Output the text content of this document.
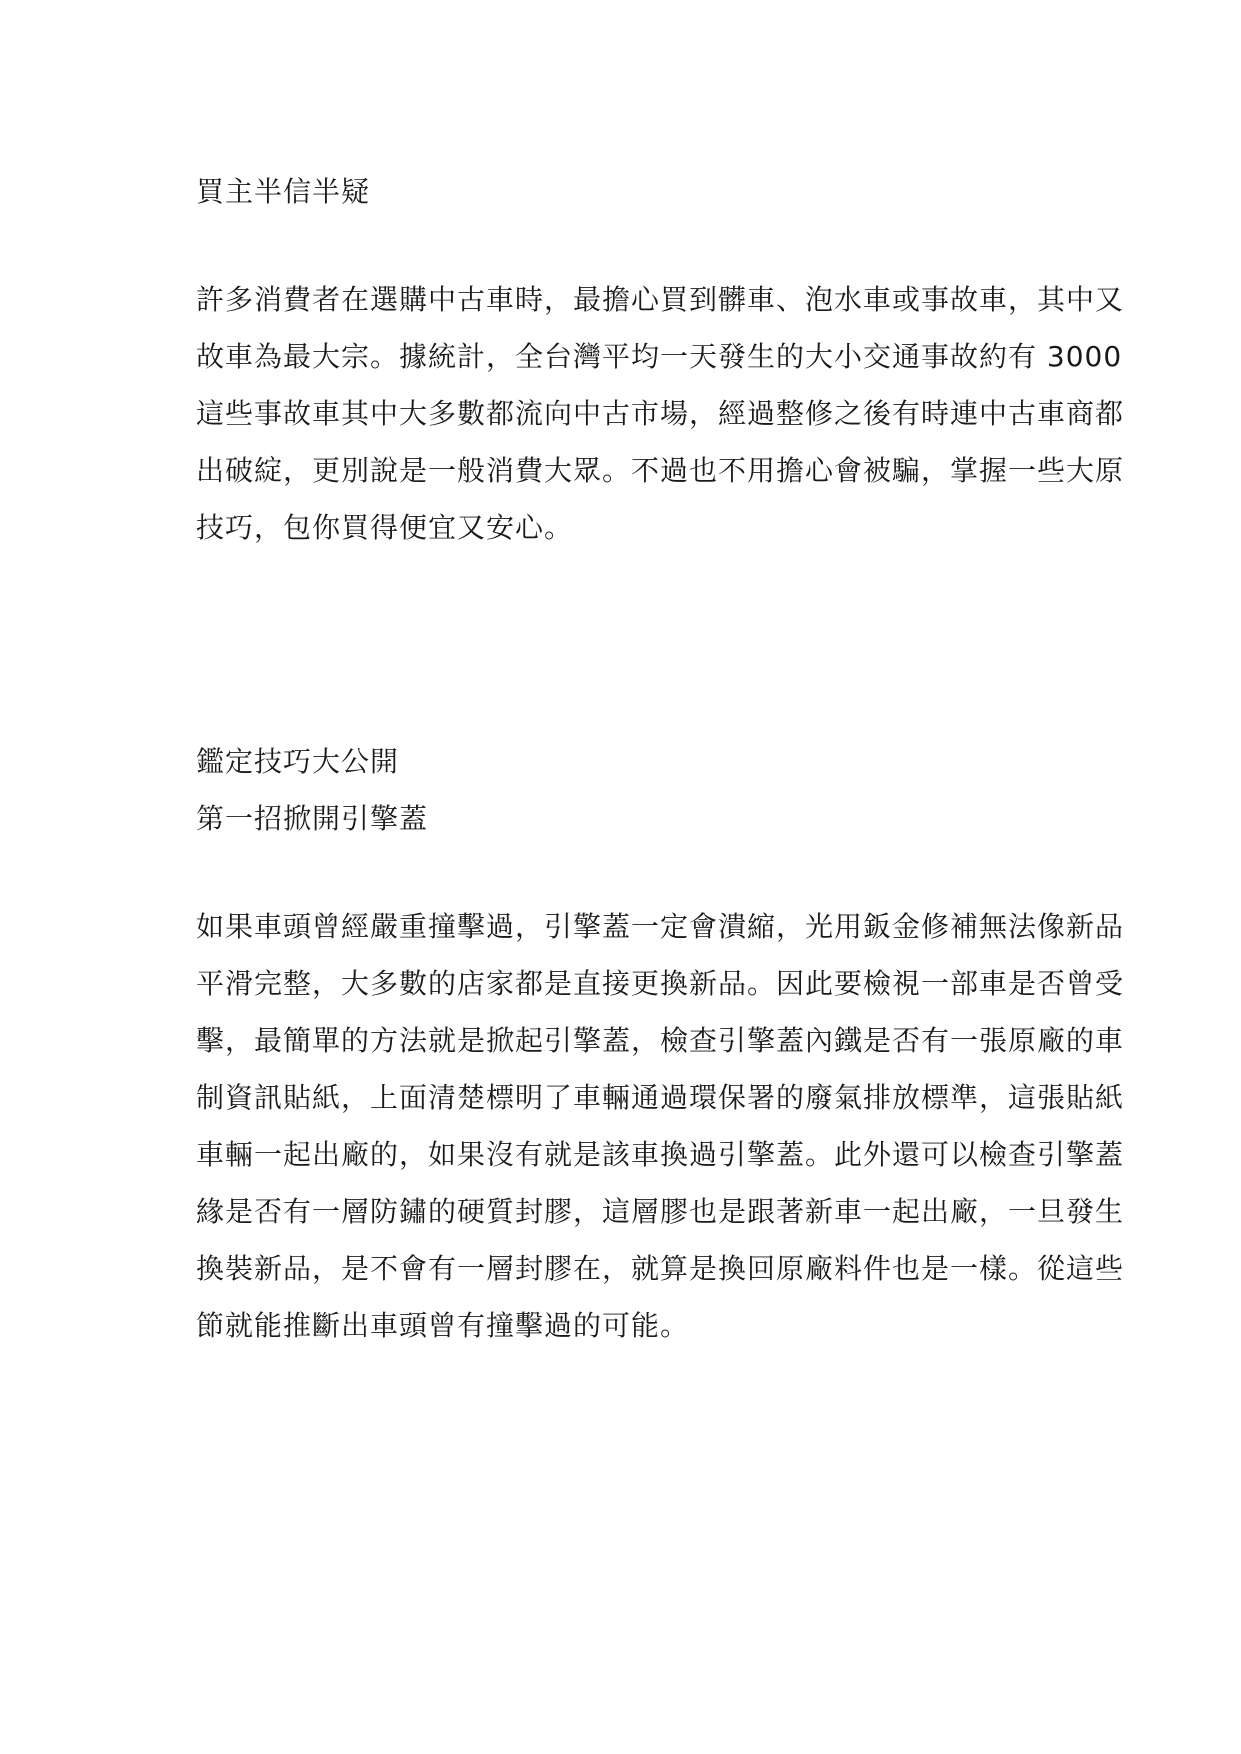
買主半信半疑

許多消費者在選購中古車時，最擔心買到髒車、泡水車或事故車，其中又

故車為最大宗。據統計，全台灣平均一天發生的大小交通事故約有 3000

這些事故車其中大多數都流向中古市場，經過整修之後有時連中古車商都

出破綻，更別說是一般消費大眾。不過也不用擔心會被騙，掌握一些大原

技巧，包你買得便宜又安心。

鑑定技巧大公開
第一招掀開引擎蓋

如果車頭曾經嚴重撞擊過，引擎蓋一定會潰縮，光用鈑金修補無法像新品

平滑完整，大多數的店家都是直接更換新品。因此要檢視一部車是否曾受

擊，最簡單的方法就是掀起引擎蓋，檢查引擎蓋內鐵是否有一張原廠的車

制資訊貼紙，上面清楚標明了車輛通過環保署的廢氣排放標準，這張貼紙

車輛一起出廠的，如果沒有就是該車換過引擎蓋。此外還可以檢查引擎蓋

緣是否有一層防鏽的硬質封膠，這層膠也是跟著新車一起出廠，一旦發生

換裝新品，是不會有一層封膠在，就算是換回原廠料件也是一樣。從這些

節就能推斷出車頭曾有撞擊過的可能。
